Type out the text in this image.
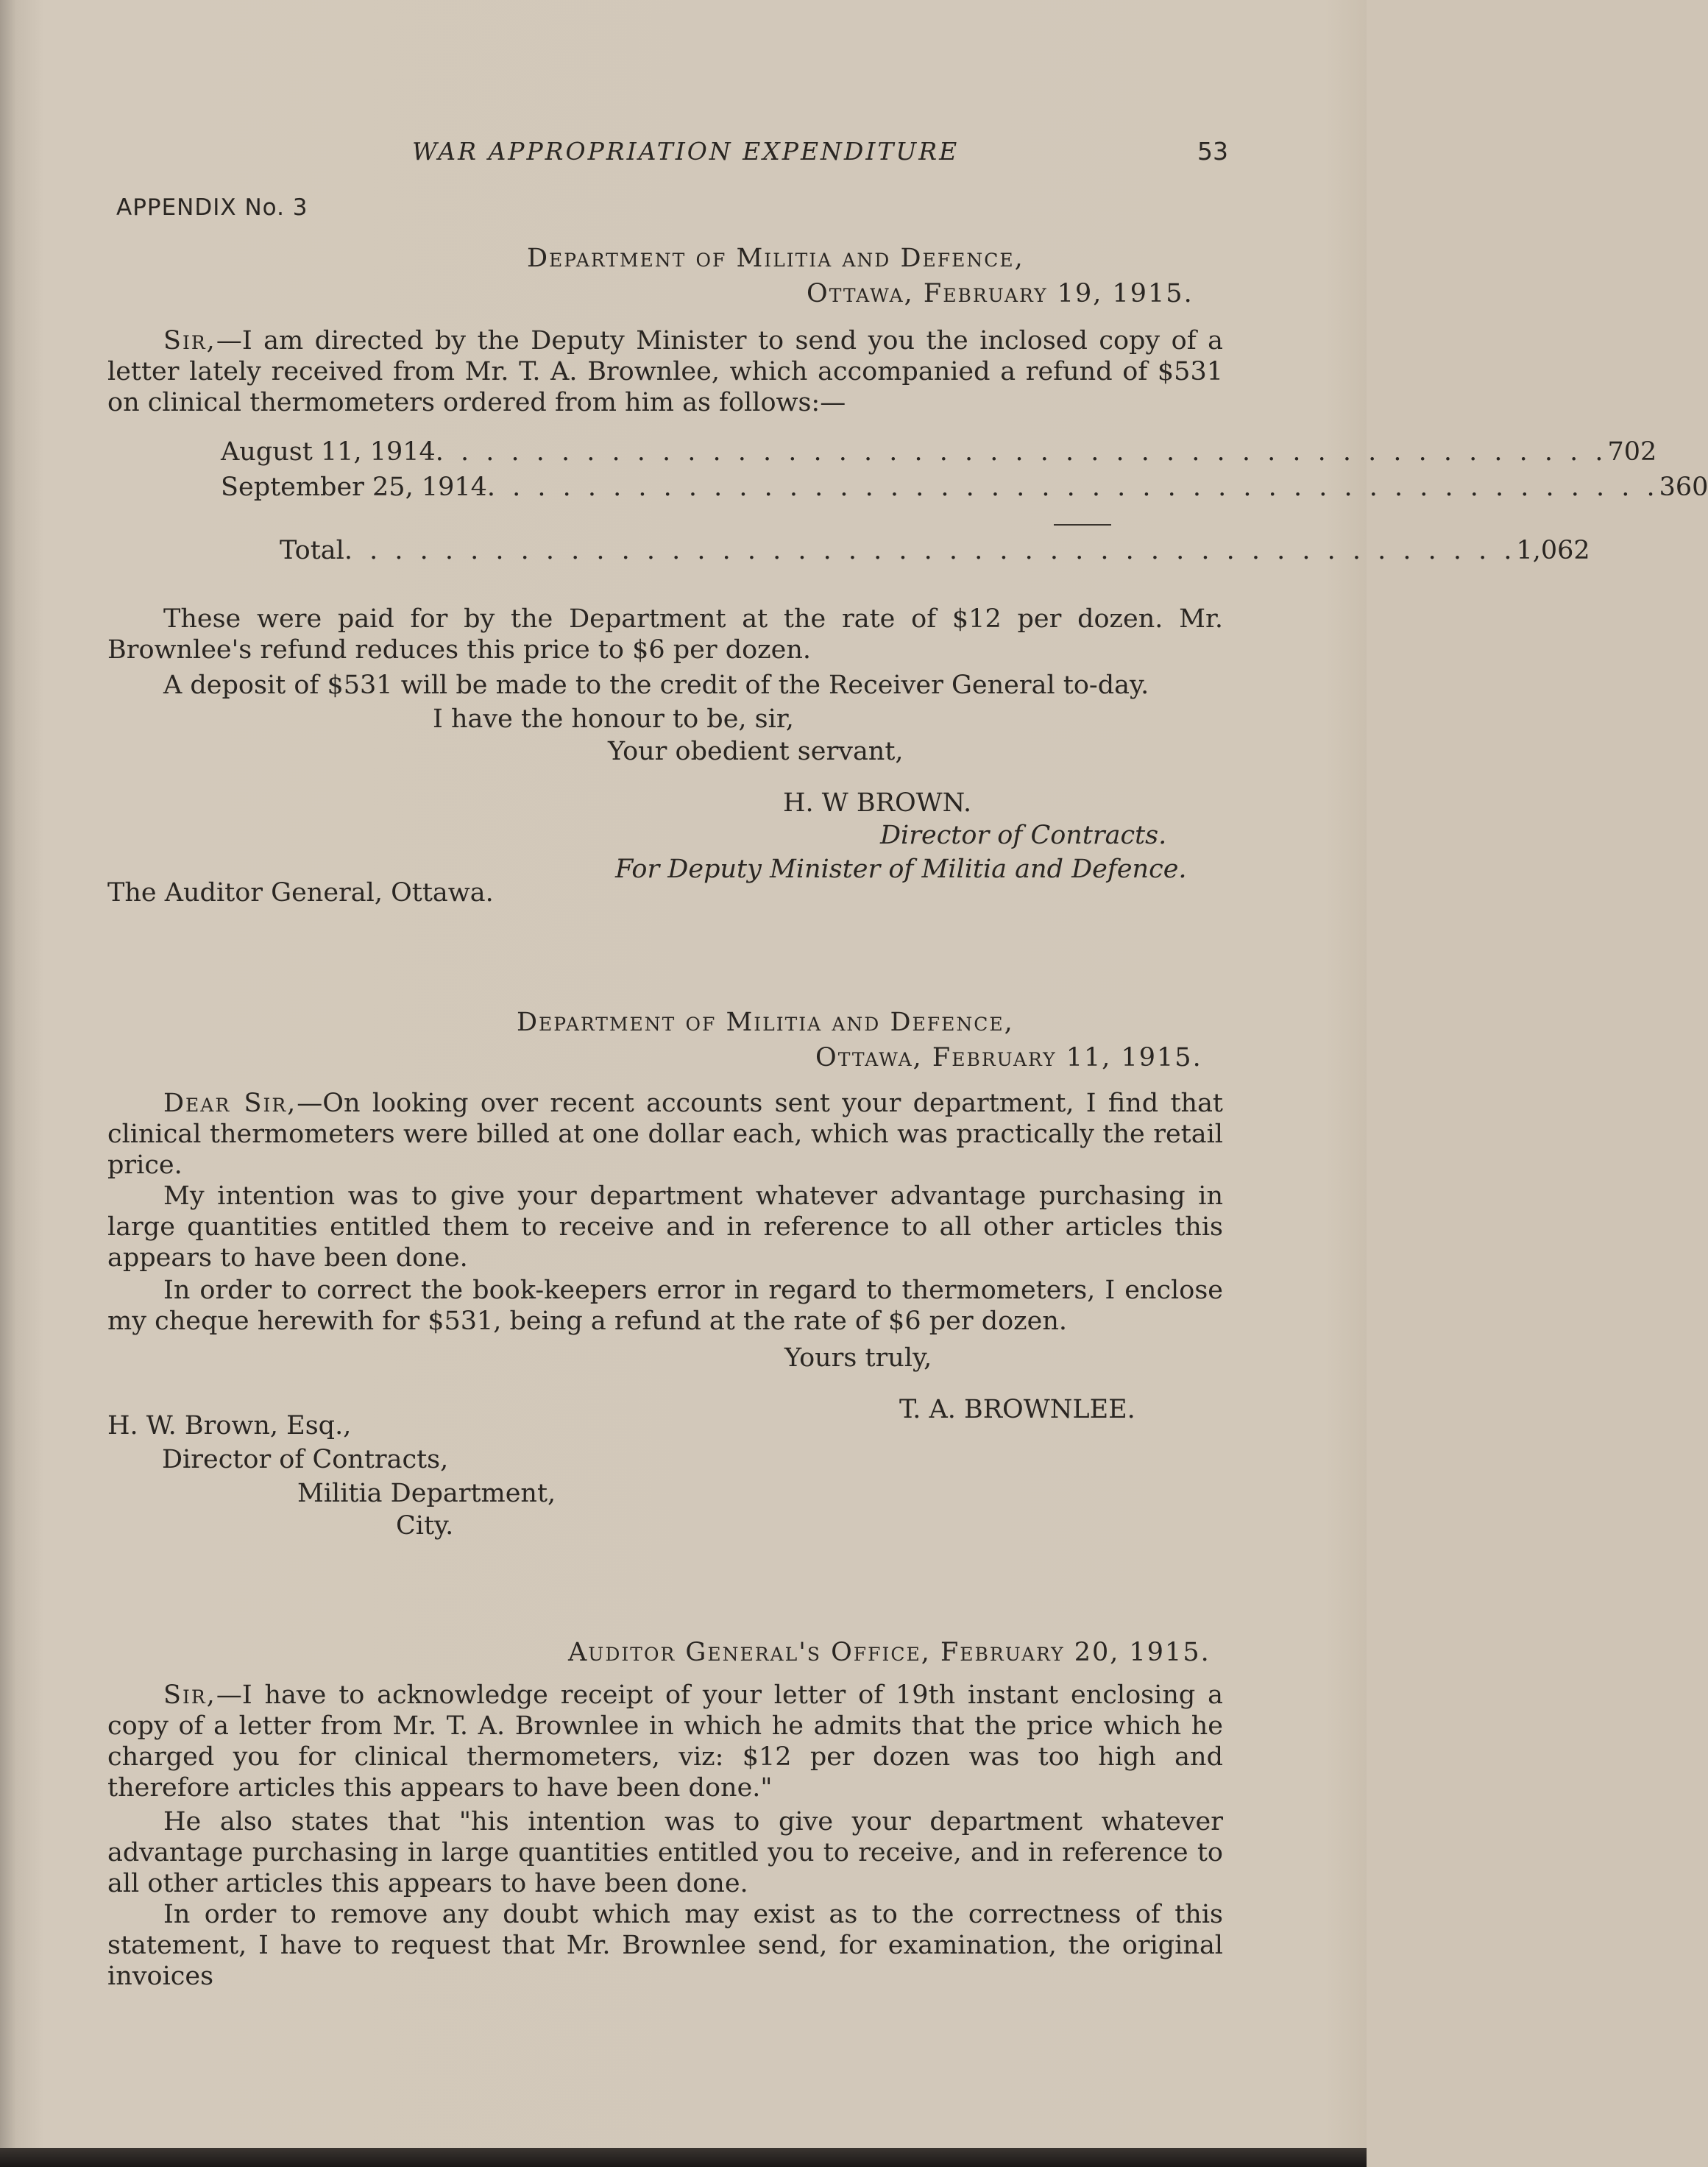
WAR APPROPRIATION EXPENDITURE	53
APPENDIX No. 3
Department of Militia and Defence,
Ottawa, February 19, 1915.
Sir,—I am directed by the Deputy Minister to send you the inclosed copy of a letter lately received from Mr. T. A. Brownlee, which accompanied a refund of $531 on clinical thermometers ordered from him as follows:—
August 11, 1914 . . . . . . . . . . . . . . . . . . . . . . . . . . . . . . . . . . . . . . . . . . . . . . . 702
September 25, 1914 . . . . . . . . . . . . . . . . . . . . . . . . . . . . . . . . . . . . . . . . . . . . . . . 360
Total . . . . . . . . . . . . . . . . . . . . . . . . . . . . . . . . . . . . . . . . . . . . . . . 1,062
These were paid for by the Department at the rate of $12 per dozen. Mr. Brownlee's refund reduces this price to $6 per dozen.
A deposit of $531 will be made to the credit of the Receiver General to-day.
I have the honour to be, sir,
Your obedient servant,
H. W BROWN.
Director of Contracts.
For Deputy Minister of Militia and Defence.
The Auditor General, Ottawa.
Department of Militia and Defence,
Ottawa, February 11, 1915.
Dear Sir,—On looking over recent accounts sent your department, I find that clinical thermometers were billed at one dollar each, which was practically the retail price.
My intention was to give your department whatever advantage purchasing in large quantities entitled them to receive and in reference to all other articles this appears to have been done.
In order to correct the book-keepers error in regard to thermometers, I enclose my cheque herewith for $531, being a refund at the rate of $6 per dozen.
Yours truly,
T. A. BROWNLEE.
H. W. Brown, Esq.,
Director of Contracts,
Militia Department,
City.
Auditor General's Office, February 20, 1915.
Sir,—I have to acknowledge receipt of your letter of 19th instant enclosing a copy of a letter from Mr. T. A. Brownlee in which he admits that the price which he charged you for clinical thermometers, viz: $12 per dozen was too high and therefore articles this appears to have been done."
He also states that "his intention was to give your department whatever advantage purchasing in large quantities entitled you to receive, and in reference to all other articles this appears to have been done.
In order to remove any doubt which may exist as to the correctness of this statement, I have to request that Mr. Brownlee send, for examination, the original invoices
